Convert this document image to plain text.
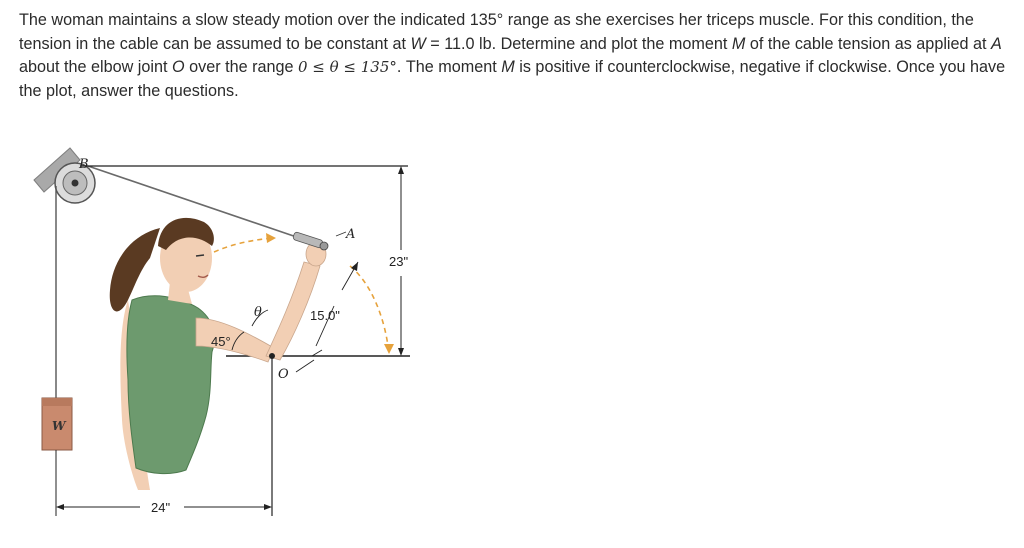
The woman maintains a slow steady motion over the indicated 135° range as she exercises her triceps muscle. For this condition, the tension in the cable can be assumed to be constant at W = 11.0 lb. Determine and plot the moment M of the cable tension as applied at A about the elbow joint O over the range 0 ≤ θ ≤ 135°. The moment M is positive if counterclockwise, negative if clockwise. Once you have the plot, answer the questions.
B
W
23"
A
15.0"
θ
45°
O
24"
